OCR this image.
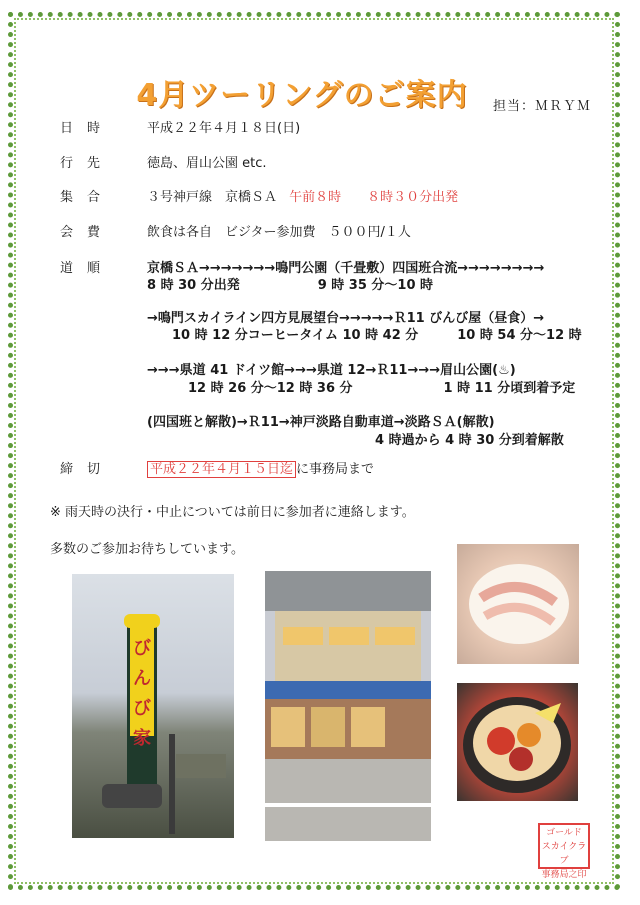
4月ツーリングのご案内	担当：ＭＲＹＭ
日時	平成２２年４月１８日(日)
行先	徳島、眉山公園 etc.
集合	３号神戸線　京橋ＳＡ 午前８時　　８時３０分出発
会費	飲食は各自　ビジター参加費　５００円/１人
道順	京橋ＳＡ→→→→→→→鳴門公園（千畳敷）四国班合流→→→→→→→→
8 時 30 分出発　　　　　　9 時 35 分～10 時
→鳴門スカイライン四方見展望台→→→→→Ｒ11 びんび屋（昼食）→
10 時 12 分コーヒータイム 10 時 42 分　　　10 時 54 分～12 時
→→→県道 41 ドイツ館→→→県道 12→Ｒ11→→→眉山公園(♨)
12 時 26 分～12 時 36 分　　　　　　　1 時 11 分頃到着予定
(四国班と解散)→Ｒ11→神戸淡路自動車道→淡路ＳＡ(解散)
4 時過から 4 時 30 分到着解散
締切	平成２２年４月１５日迄 に事務局まで
※ 雨天時の決行・中止については前日に参加者に連絡します。
多数のご参加お待ちしています。
びんび家
ゴールド
スカイクラブ
事務局之印
